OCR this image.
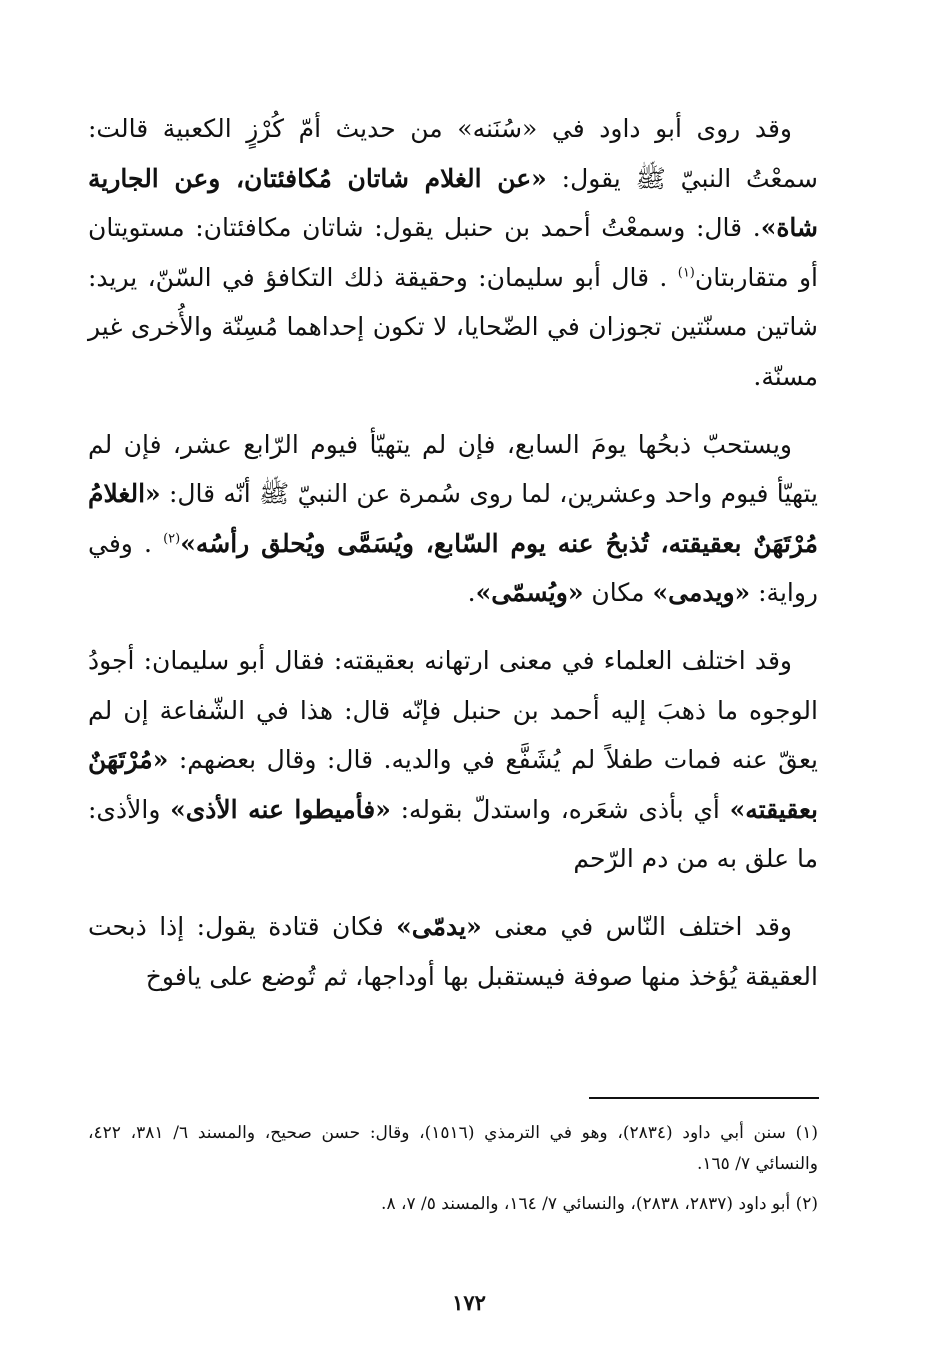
وقد روى أبو داود في «سُنَنه» من حديث أمّ كُرْزٍ الكعبية قالت: سمعْتُ النبيّ ﷺ يقول: «عن الغلام شاتان مُكافئتان، وعن الجارية شاة». قال: وسمعْتُ أحمد بن حنبل يقول: شاتان مكافئتان: مستويتان أو متقاربتان$^{(١)}$ . قال أبو سليمان: وحقيقة ذلك التكافؤ في السّنّ، يريد: شاتين مسنّتين تجوزان في الضّحايا، لا تكون إحداهما مُسِنّة والأُخرى غير مسنّة.

ويستحبّ ذبحُها يومَ السابع، فإن لم يتهيّأ فيوم الرّابع عشر، فإن لم يتهيّأ فيوم واحد وعشرين، لما روى سُمرة عن النبيّ ﷺ أنّه قال: «الغلامُ مُرْتَهَنٌ بعقيقته، تُذبحُ عنه يوم السّابع، ويُسَمَّى ويُحلق رأسُه»$^{(٢)}$ . وفي رواية: «ويدمى» مكان «ويُسمّى».

وقد اختلف العلماء في معنى ارتهانه بعقيقته: فقال أبو سليمان: أجودُ الوجوه ما ذهبَ إليه أحمد بن حنبل فإنّه قال: هذا في الشّفاعة إن لم يعقّ عنه فمات طفلاً لم يُشَفَّع في والديه. قال: وقال بعضهم: «مُرْتَهَنٌ بعقيقته» أي بأذى شعَره، واستدلّ بقوله: «فأميطوا عنه الأذى» والأذى: ما علق به من دم الرّحم

وقد اختلف النّاس في معنى «يدمّى» فكان قتادة يقول: إذا ذبحت العقيقة يُؤخذ منها صوفة فيستقبل بها أوداجها، ثم تُوضع على يافوخ

(١) سنن أبي داود (٢٨٣٤)، وهو في الترمذي (١٥١٦)، وقال: حسن صحيح، والمسند ٦/ ٣٨١، ٤٢٢، والنسائي ٧/ ١٦٥.

(٢) أبو داود (٢٨٣٧، ٢٨٣٨)، والنسائي ٧/ ١٦٤، والمسند ٥/ ٧، ٨.

١٧٢
